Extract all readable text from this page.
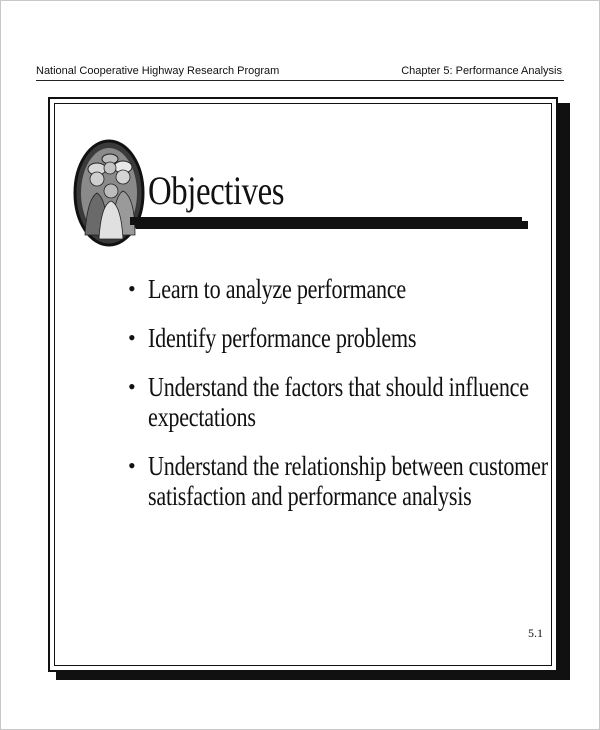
National Cooperative Highway Research Program	Chapter 5: Performance Analysis
Objectives
• Learn to analyze performance
• Identify performance problems
• Understand the factors that should influence expectations
• Understand the relationship between customer satisfaction and performance analysis
5.1
